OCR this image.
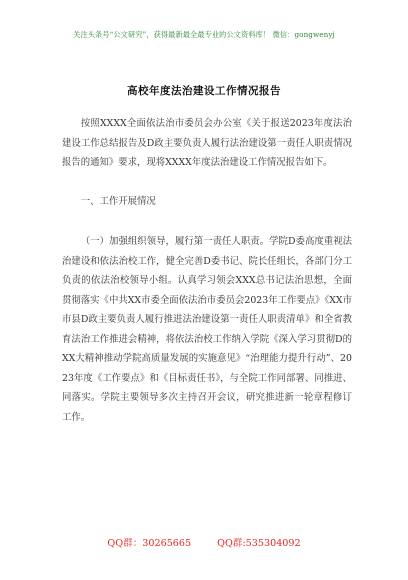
关注头条号“公文研究”，获得最新最全最专业的公文资料库！ 微信：gongwenyj
高校年度法治建设工作情况报告

按照XXXX全面依法治市委员会办公室《关于报送2023年度法治建设工作总结报告及D政主要负责人履行法治建设第一责任人职责情况报告的通知》要求，现将XXXX年度法治建设工作情况报告如下。

一、工作开展情况

（一）加强组织领导，履行第一责任人职责。学院D委高度重视法治建设和依法治校工作，健全完善D委书记、院长任组长，各部门分工负责的依法治校领导小组。认真学习领会XXX总书记法治思想，全面贯彻落实《中共XX市委全面依法治市委员会2023年工作要点》《XX市市县D政主要负责人履行推进法治建设第一责任人职责清单》和全省教育法治工作推进会精神，将依法治校工作纳入学院《深入学习贯彻D的XX大精神推动学院高质量发展的实施意见》“治理能力提升行动”、2023年度《工作要点》和《目标责任书》，与全院工作同部署、同推进、同落实。学院主要领导多次主持召开会议，研究推进新一轮章程修订工作。

QQ群：30265665	QQ群:535304092
